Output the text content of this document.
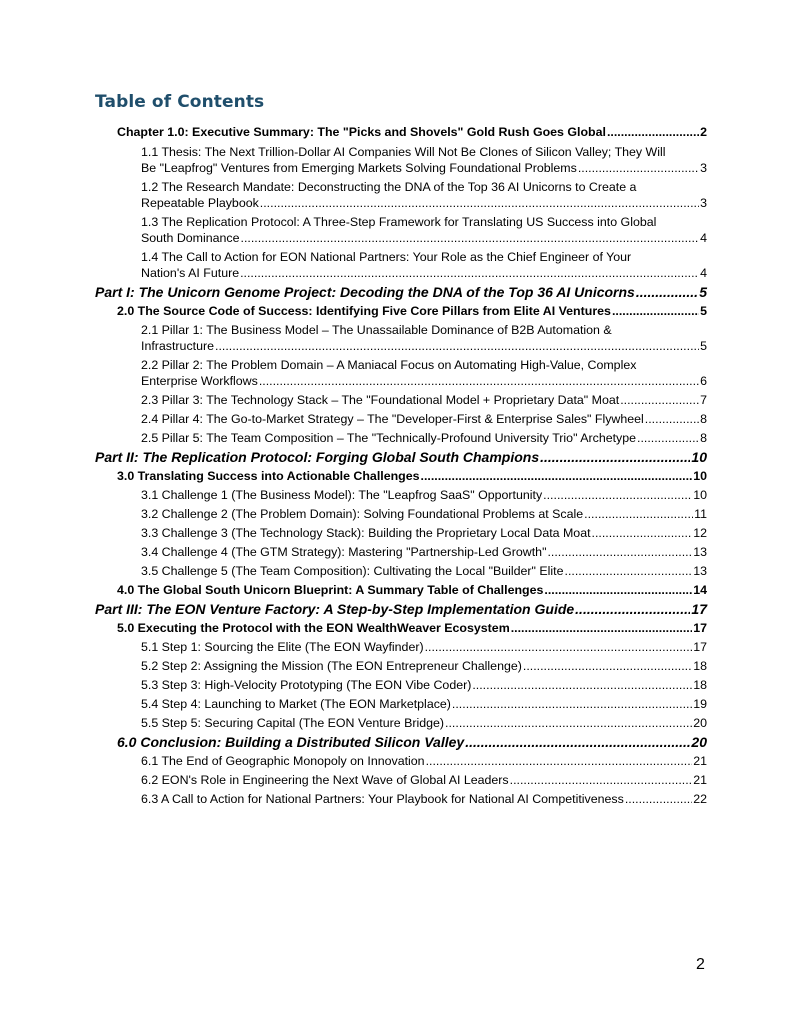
Table of Contents
Chapter 1.0: Executive Summary: The "Picks and Shovels" Gold Rush Goes Global .....	2
1.1 Thesis: The Next Trillion-Dollar AI Companies Will Not Be Clones of Silicon Valley; They Will
Be "Leapfrog" Ventures from Emerging Markets Solving Foundational Problems .....	3
1.2 The Research Mandate: Deconstructing the DNA of the Top 36 AI Unicorns to Create a
Repeatable Playbook .....	3
1.3 The Replication Protocol: A Three-Step Framework for Translating US Success into Global
South Dominance .....	4
1.4 The Call to Action for EON National Partners: Your Role as the Chief Engineer of Your
Nation's AI Future .....	4
Part I: The Unicorn Genome Project: Decoding the DNA of the Top 36 AI Unicorns .....	5
2.0 The Source Code of Success: Identifying Five Core Pillars from Elite AI Ventures .....	5
2.1 Pillar 1: The Business Model – The Unassailable Dominance of B2B Automation &
Infrastructure .....	5
2.2 Pillar 2: The Problem Domain – A Maniacal Focus on Automating High-Value, Complex
Enterprise Workflows .....	6
2.3 Pillar 3: The Technology Stack – The "Foundational Model + Proprietary Data" Moat .....	7
2.4 Pillar 4: The Go-to-Market Strategy – The "Developer-First & Enterprise Sales" Flywheel .....	8
2.5 Pillar 5: The Team Composition – The "Technically-Profound University Trio" Archetype .....	8
Part II: The Replication Protocol: Forging Global South Champions .....	10
3.0 Translating Success into Actionable Challenges .....	10
3.1 Challenge 1 (The Business Model): The "Leapfrog SaaS" Opportunity .....	10
3.2 Challenge 2 (The Problem Domain): Solving Foundational Problems at Scale .....	11
3.3 Challenge 3 (The Technology Stack): Building the Proprietary Local Data Moat .....	12
3.4 Challenge 4 (The GTM Strategy): Mastering "Partnership-Led Growth" .....	13
3.5 Challenge 5 (The Team Composition): Cultivating the Local "Builder" Elite .....	13
4.0 The Global South Unicorn Blueprint: A Summary Table of Challenges .....	14
Part III: The EON Venture Factory: A Step-by-Step Implementation Guide .....	17
5.0 Executing the Protocol with the EON WealthWeaver Ecosystem .....	17
5.1 Step 1: Sourcing the Elite (The EON Wayfinder) .....	17
5.2 Step 2: Assigning the Mission (The EON Entrepreneur Challenge) .....	18
5.3 Step 3: High-Velocity Prototyping (The EON Vibe Coder) .....	18
5.4 Step 4: Launching to Market (The EON Marketplace) .....	19
5.5 Step 5: Securing Capital (The EON Venture Bridge) .....	20
6.0 Conclusion: Building a Distributed Silicon Valley .....	20
6.1 The End of Geographic Monopoly on Innovation .....	21
6.2 EON's Role in Engineering the Next Wave of Global AI Leaders .....	21
6.3 A Call to Action for National Partners: Your Playbook for National AI Competitiveness .....	22
2
